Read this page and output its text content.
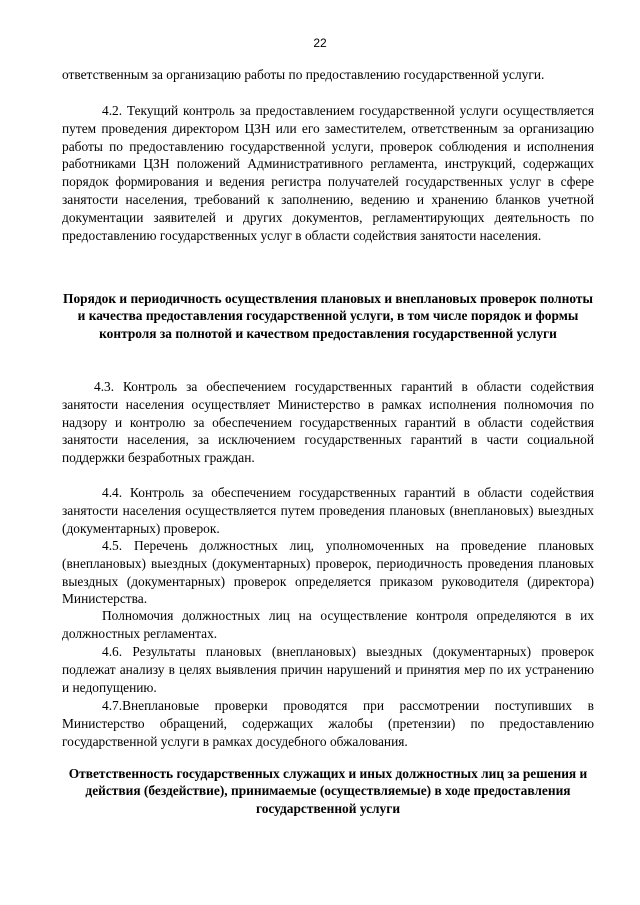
22
ответственным за организацию работы по предоставлению государственной услуги.
4.2. Текущий контроль за предоставлением государственной услуги осуществляется путем проведения директором ЦЗН или его заместителем, ответственным за организацию работы по предоставлению государственной услуги, проверок соблюдения и исполнения работниками ЦЗН положений Административного регламента, инструкций, содержащих порядок формирования и ведения регистра получателей государственных услуг в сфере занятости населения, требований к заполнению, ведению и хранению бланков учетной документации заявителей и других документов, регламентирующих деятельность по предоставлению государственных услуг в области содействия занятости населения.
Порядок и периодичность осуществления плановых и внеплановых проверок полноты и качества предоставления государственной услуги, в том числе порядок и формы контроля за полнотой и качеством предоставления государственной услуги
4.3. Контроль за обеспечением государственных гарантий в области содействия занятости населения осуществляет Министерство в рамках исполнения полномочия по надзору и контролю за обеспечением государственных гарантий в области содействия занятости населения, за исключением государственных гарантий в части социальной поддержки безработных граждан.
4.4. Контроль за обеспечением государственных гарантий в области содействия занятости населения осуществляется путем проведения плановых (внеплановых) выездных (документарных) проверок.
4.5. Перечень должностных лиц, уполномоченных на проведение плановых (внеплановых) выездных (документарных) проверок, периодичность проведения плановых выездных (документарных) проверок определяется приказом руководителя (директора) Министерства.
Полномочия должностных лиц на осуществление контроля определяются в их должностных регламентах.
4.6. Результаты плановых (внеплановых) выездных (документарных) проверок подлежат анализу в целях выявления причин нарушений и принятия мер по их устранению и недопущению.
4.7.Внеплановые проверки проводятся при рассмотрении поступивших в Министерство обращений, содержащих жалобы (претензии) по предоставлению государственной услуги в рамках досудебного обжалования.
Ответственность государственных служащих и иных должностных лиц за решения и действия (бездействие), принимаемые (осуществляемые) в ходе предоставления государственной услуги
